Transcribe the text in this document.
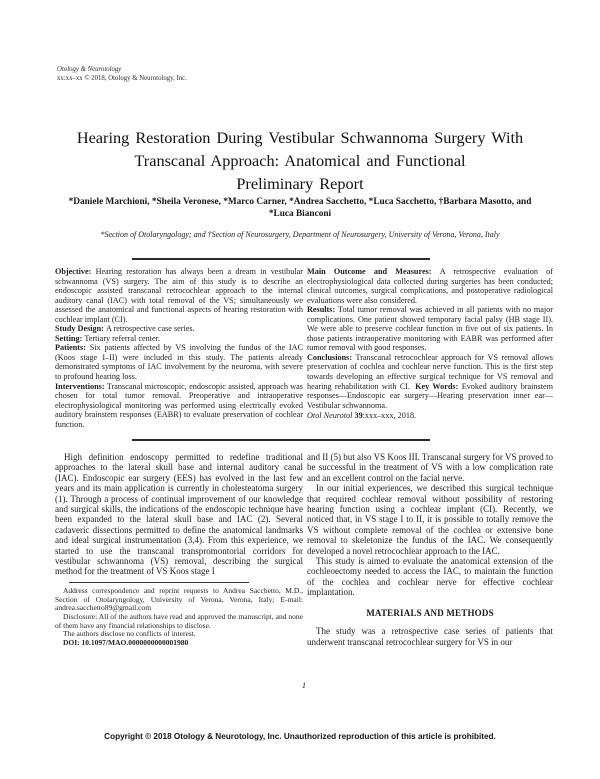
Otology & Neurotology
xx:xx–xx © 2018, Otology & Neurotology, Inc.
Hearing Restoration During Vestibular Schwannoma Surgery With
Transcanal Approach: Anatomical and Functional
Preliminary Report
*Daniele Marchioni, *Sheila Veronese, *Marco Carner, *Andrea Sacchetto, *Luca Sacchetto, †Barbara Masotto, and *Luca Bianconi
*Section of Otolaryngology; and †Section of Neurosurgery, Department of Neurosurgery, University of Verona, Verona, Italy

Objective: Hearing restoration has always been a dream in vestibular schwannoma (VS) surgery. The aim of this study is to describe an endoscopic assisted transcanal retrocochlear approach to the internal auditory canal (IAC) with total removal of the VS; simultaneously we assessed the anatomical and functional aspects of hearing restoration with cochlear implant (CI).

Study Design: A retrospective case series.

Setting: Tertiary referral center.

Patients: Six patients affected by VS involving the fundus of the IAC (Koos stage I–II) were included in this study. The patients already demonstrated symptoms of IAC involvement by the neuroma, with severe to profound hearing loss.

Interventions: Transcanal microscopic, endoscopic assisted, approach was chosen for total tumor removal. Preoperative and intraoperative electrophysiological monitoring was performed using electrically evoked auditory brainstem responses (EABR) to evaluate preservation of cochlear function.

Main Outcome and Measures: A retrospective evaluation of electrophysiological data collected during surgeries has been conducted; clinical outcomes, surgical complications, and postoperative radiological evaluations were also considered.

Results: Total tumor removal was achieved in all patients with no major complications. One patient showed temporary facial palsy (HB stage II). We were able to preserve cochlear function in five out of six patients. In those patients intraoperative monitoring with EABR was performed after tumor removal with good responses.

Conclusions: Transcanal retrocochlear approach for VS removal allows preservation of cochlea and cochlear nerve function. This is the first step towards developing an effective surgical technique for VS removal and hearing rehabilitation with CI. Key Words: Evoked auditory brainstem responses—Endoscopic ear surgery—Hearing preservation inner ear—Vestibular schwannoma.

Otol Neurotol 39:xxx–xxx, 2018.

High definition endoscopy permitted to redefine traditional approaches to the lateral skull base and internal auditory canal (IAC). Endoscopic ear surgery (EES) has evolved in the last few years and its main application is currently in cholesteatoma surgery (1). Through a process of continual improvement of our knowledge and surgical skills, the indications of the endoscopic technique have been expanded to the lateral skull base and IAC (2). Several cadaveric dissections permitted to define the anatomical landmarks and ideal surgical instrumentation (3,4). From this experience, we started to use the transcanal transpromontorial corridors for vestibular schwannoma (VS) removal, describing the surgical method for the treatment of VS Koos stage I

Address correspondence and reprint requests to Andrea Sacchetto, M.D., Section of Otolaryngology, University of Verona, Verona, Italy; E-mail: andrea.sacchetto89@gmail.com

Disclosure: All of the authors have read and approved the manuscript, and none of them have any financial relationships to disclose.

The authors disclose no conflicts of interest.

DOI: 10.1097/MAO.0000000000001980

and II (5) but also VS Koos III. Transcanal surgery for VS proved to be successful in the treatment of VS with a low complication rate and an excellent control on the facial nerve.

In our initial experiences, we described this surgical technique that required cochlear removal without possibility of restoring hearing function using a cochlear implant (CI). Recently, we noticed that, in VS stage I to II, it is possible to totally remove the VS without complete removal of the cochlea or extensive bone removal to skeletonize the fundus of the IAC. We consequently developed a novel retrocochlear approach to the IAC.

This study is aimed to evaluate the anatomical extension of the cochleoectomy needed to access the IAC, to maintain the function of the cochlea and cochlear nerve for effective cochlear implantation.

MATERIALS AND METHODS

The study was a retrospective case series of patients that underwent transcanal retrocochlear surgery for VS in our

1
Copyright © 2018 Otology & Neurotology, Inc. Unauthorized reproduction of this article is prohibited.
